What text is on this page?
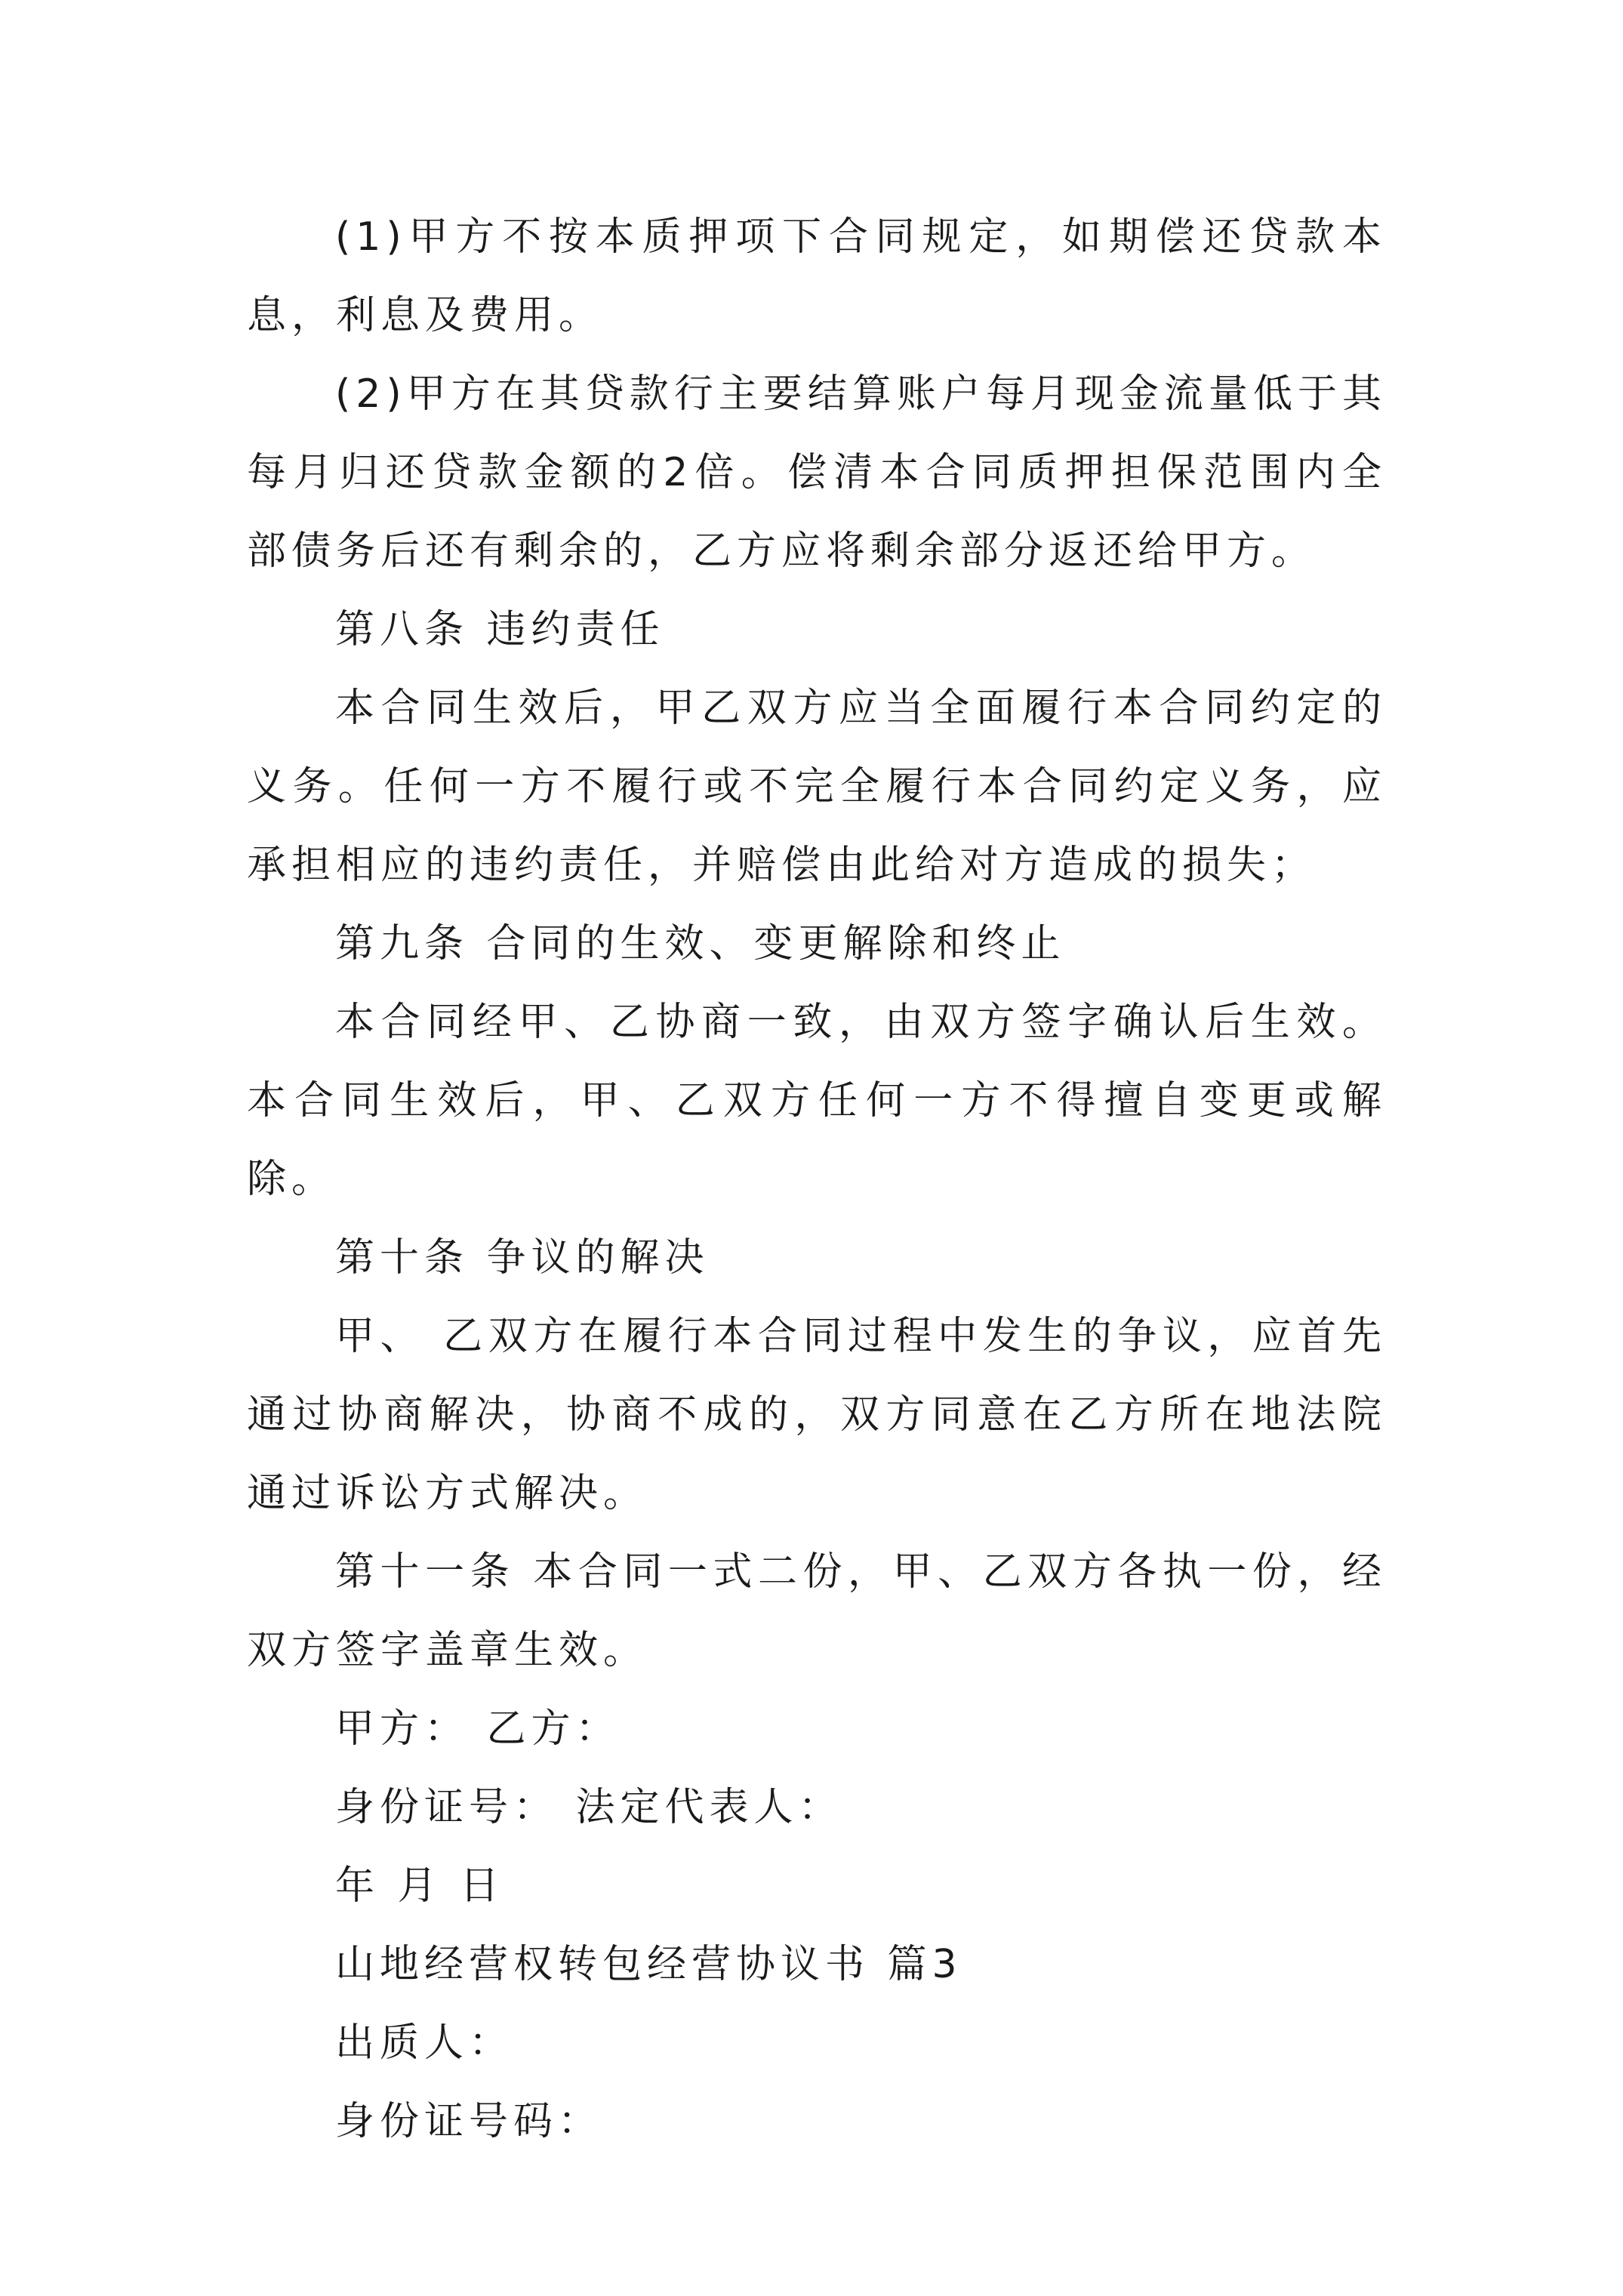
(1)甲方不按本质押项下合同规定，如期偿还贷款本息，利息及费用。

(2)甲方在其贷款行主要结算账户每月现金流量低于其每月归还贷款金额的2倍。偿清本合同质押担保范围内全部债务后还有剩余的，乙方应将剩余部分返还给甲方。

第八条 违约责任

本合同生效后，甲乙双方应当全面履行本合同约定的义务。任何一方不履行或不完全履行本合同约定义务，应承担相应的违约责任，并赔偿由此给对方造成的损失；

第九条 合同的生效、变更解除和终止

本合同经甲、乙协商一致，由双方签字确认后生效。本合同生效后，甲、乙双方任何一方不得擅自变更或解除。

第十条 争议的解决

甲、 乙双方在履行本合同过程中发生的争议，应首先通过协商解决，协商不成的，双方同意在乙方所在地法院通过诉讼方式解决。

第十一条 本合同一式二份，甲、乙双方各执一份，经双方签字盖章生效。

甲方： 乙方：

身份证号： 法定代表人：

年 月 日

山地经营权转包经营协议书 篇3

出质人：

身份证号码：
